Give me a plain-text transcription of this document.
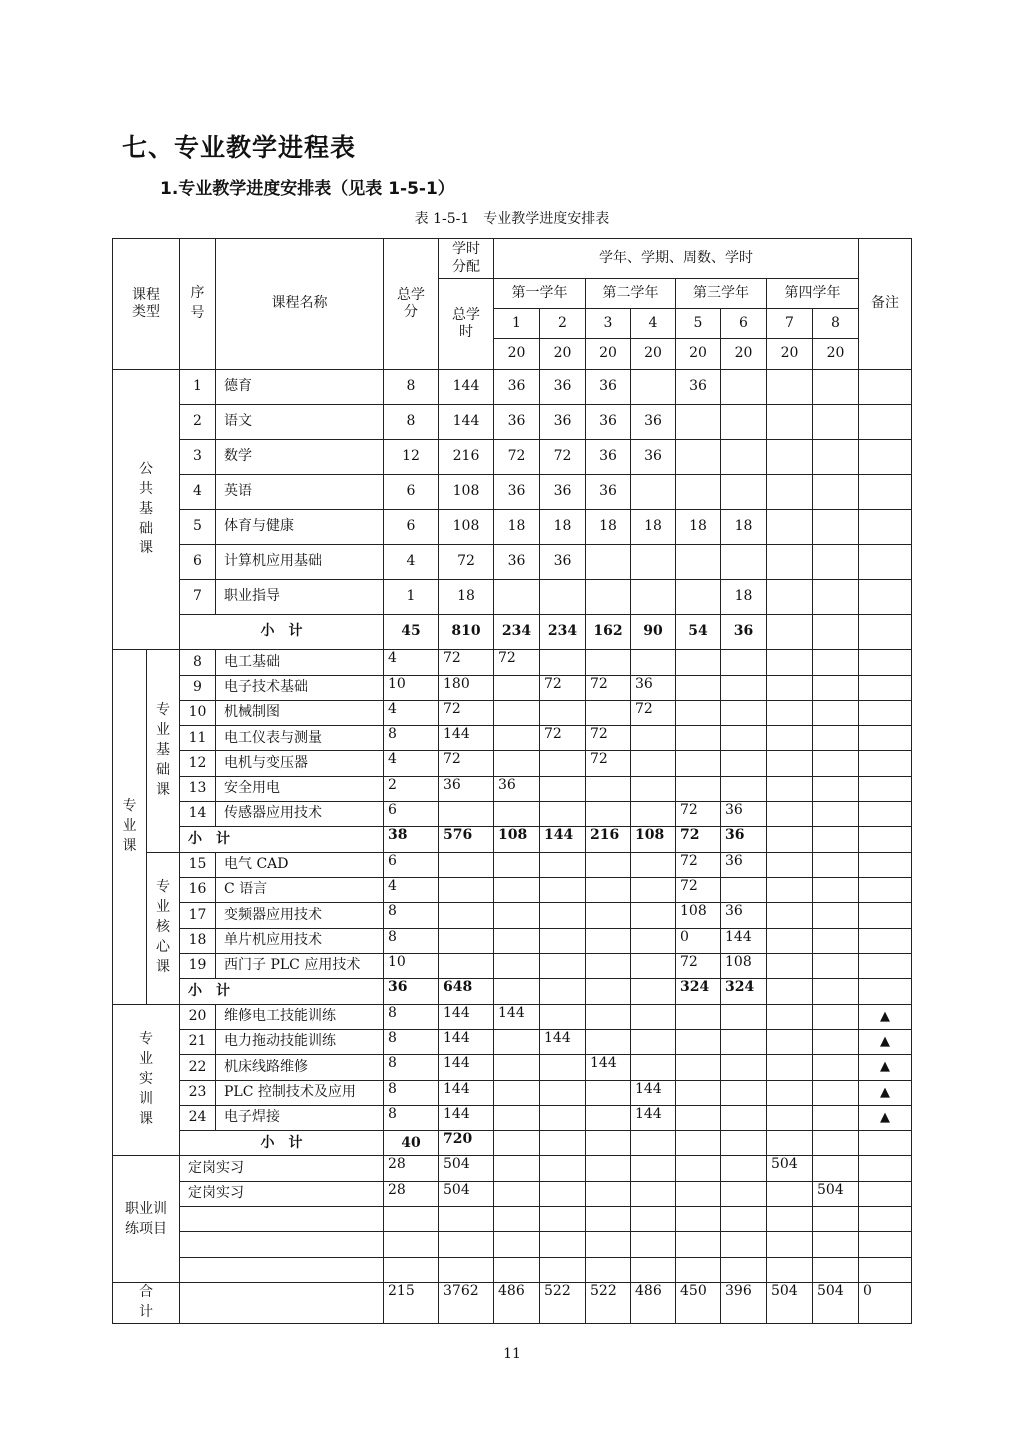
七、专业教学进程表
1.专业教学进度安排表（见表 1-5-1）
表 1-5-1　专业教学进度安排表
课程类型		序号	课程名称	总学分	学时分配	学年、学期、周数、学时								备注

					总学时	第一学年		第二学年		第三学年		第四学年		
						1	2	3	4	5	6	7	8	
						20	20	20	20	20	20	20	20	

公共基础课		1	德育	8	144	36	36	36		36				
		2	语文	8	144	36	36	36	36					
		3	数学	12	216	72	72	36	36					
		4	英语	6	108	36	36	36						
		5	体育与健康	6	108	18	18	18	18	18	18			
		6	计算机应用基础	4	72	36	36							
		7	职业指导	1	18						18			
		小　计		45	810	234	234	162	90	54	36			

专业课	专业基础课	8	电工基础	4	72	72								
		9	电子技术基础	10	180		72	72	36					
		10	机械制图	4	72				72					
		11	电工仪表与测量	8	144		72	72						
		12	电机与变压器	4	72			72						
		13	安全用电	2	36	36								
		14	传感器应用技术	6						72	36			
		小　计		38	576	108	144	216	108	72	36			

	专业核心课	15	电气 CAD	6						72	36			
		16	C 语言	4						72				
		17	变频器应用技术	8						108	36			
		18	单片机应用技术	8						0	144			
		19	西门子 PLC 应用技术	10						72	108			
		小　计		36	648					324	324			

专业实训课		20	维修电工技能训练	8	144	144								▲
		21	电力拖动技能训练	8	144		144							▲
		22	机床线路维修	8	144			144						▲
		23	PLC 控制技术及应用	8	144				144					▲
		24	电子焊接	8	144				144					▲
		小　计		40	720									

职业训练项目		定岗实习		28	504							504		
		定岗实习		28	504								504	

合计				215	3762	486	522	522	486	450	396	504	504	0
11
